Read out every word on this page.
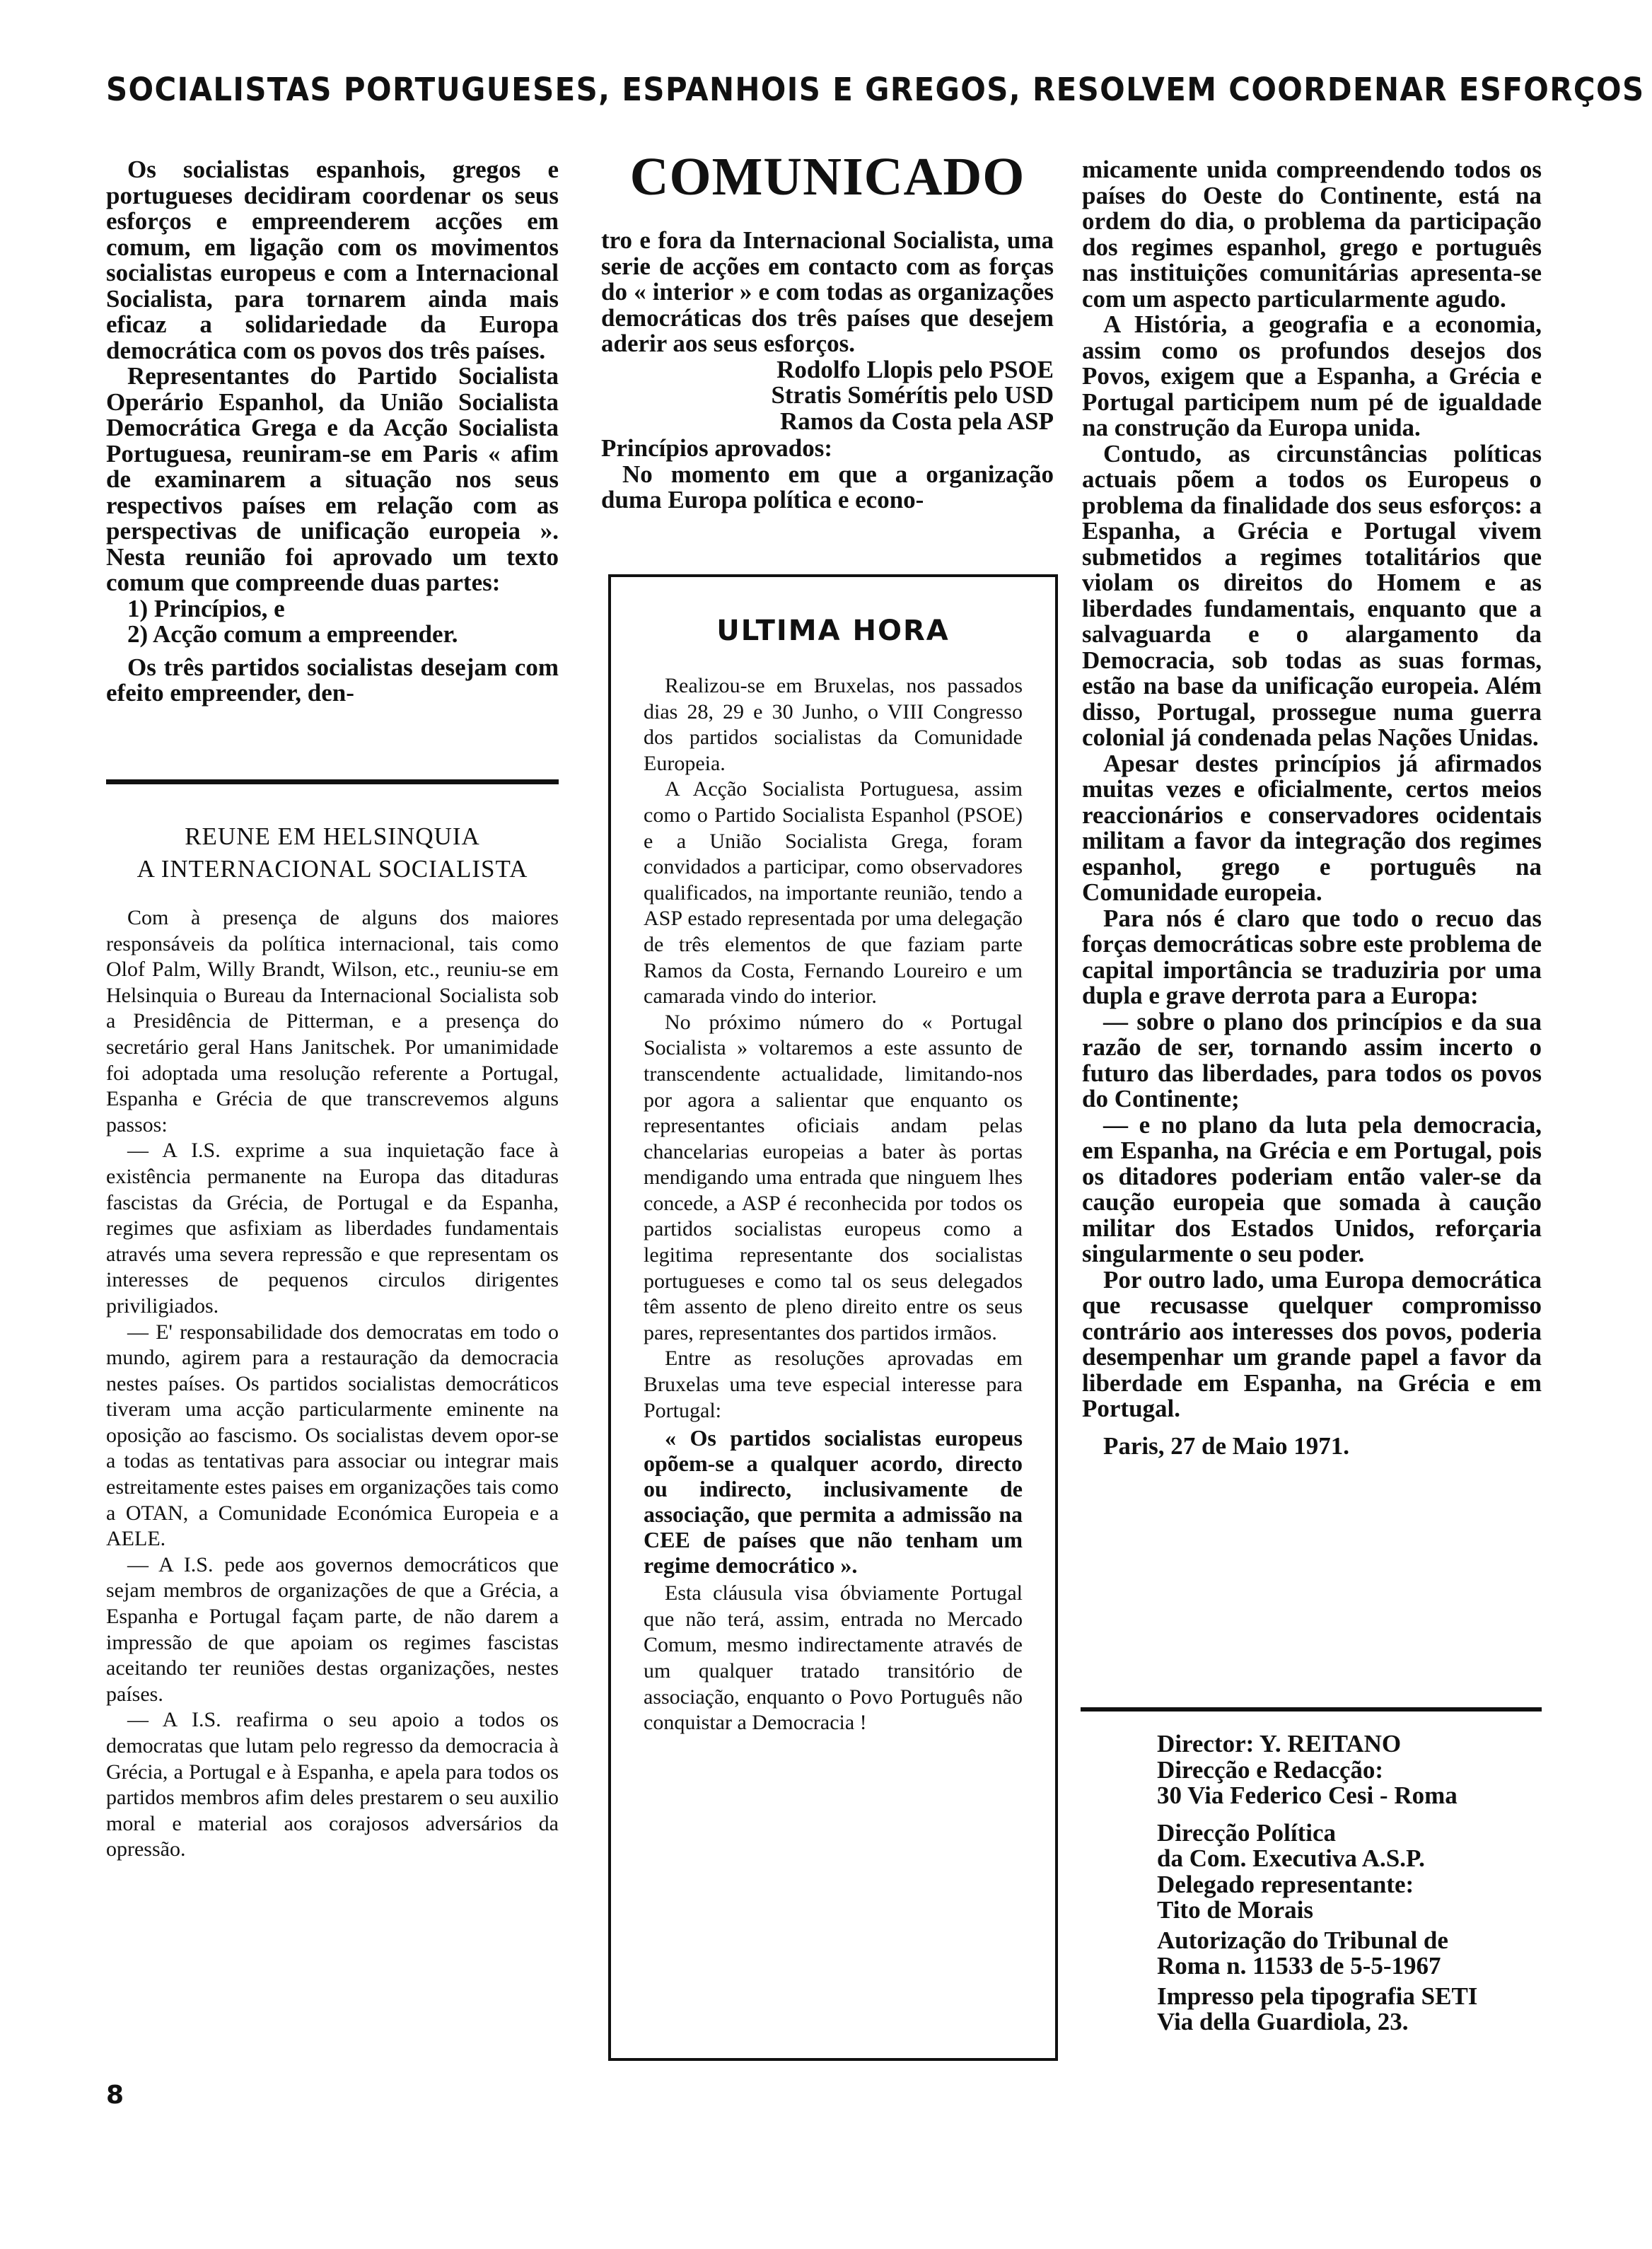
SOCIALISTAS PORTUGUESES, ESPANHOIS E GREGOS, RESOLVEM COORDENAR ESFORÇOS

Os socialistas espanhois, gregos e portugueses decidiram coordenar os seus esforços e empreenderem acções em comum, em ligação com os movimentos socialistas europeus e com a Internacional Socialista, para tornarem ainda mais eficaz a solidariedade da Europa democrática com os povos dos três países.

Representantes do Partido Socialista Operário Espanhol, da União Socialista Democrática Grega e da Acção Socialista Portuguesa, reuniram-se em Paris « afim de examinarem a situação nos seus respectivos países em relação com as perspectivas de unificação europeia ». Nesta reunião foi aprovado um texto comum que compreende duas partes:

1) Princípios, e
2) Acção comum a empreender.

Os três partidos socialistas desejam com efeito empreender, den-

REUNE EM HELSINQUIA
A INTERNACIONAL SOCIALISTA

Com à presença de alguns dos maiores responsáveis da política internacional, tais como Olof Palm, Willy Brandt, Wilson, etc., reuniu-se em Helsinquia o Bureau da Internacional Socialista sob a Presidência de Pitterman, e a presença do secretário geral Hans Janitschek. Por umanimidade foi adoptada uma resolução referente a Portugal, Espanha e Grécia de que transcrevemos alguns passos:

— A I.S. exprime a sua inquietação face à existência permanente na Europa das ditaduras fascistas da Grécia, de Portugal e da Espanha, regimes que asfixiam as liberdades fundamentais através uma severa repressão e que representam os interesses de pequenos circulos dirigentes priviligiados.

— E' responsabilidade dos democratas em todo o mundo, agirem para a restauração da democracia nestes países. Os partidos socialistas democráticos tiveram uma acção particularmente eminente na oposição ao fascismo. Os socialistas devem opor-se a todas as tentativas para associar ou integrar mais estreitamente estes paises em organizações tais como a OTAN, a Comunidade Económica Europeia e a AELE.

— A I.S. pede aos governos democráticos que sejam membros de organizações de que a Grécia, a Espanha e Portugal façam parte, de não darem a impressão de que apoiam os regimes fascistas aceitando ter reuniões destas organizações, nestes países.

— A I.S. reafirma o seu apoio a todos os democratas que lutam pelo regresso da democracia à Grécia, a Portugal e à Espanha, e apela para todos os partidos membros afim deles prestarem o seu auxilio moral e material aos corajosos adversários da opressão.

COMUNICADO

tro e fora da Internacional Socialista, uma serie de acções em contacto com as forças do « interior » e com todas as organizações democráticas dos três países que desejem aderir aos seus esforços.

Rodolfo Llopis pelo PSOE
Stratis Somérítis pelo USD
Ramos da Costa pela ASP
Princípios aprovados:

No momento em que a organização duma Europa política e econo-

ULTIMA HORA

Realizou-se em Bruxelas, nos passados dias 28, 29 e 30 Junho, o VIII Congresso dos partidos socialistas da Comunidade Europeia.

A Acção Socialista Portuguesa, assim como o Partido Socialista Espanhol (PSOE) e a União Socialista Grega, foram convidados a participar, como observadores qualificados, na importante reunião, tendo a ASP estado representada por uma delegação de três elementos de que faziam parte Ramos da Costa, Fernando Loureiro e um camarada vindo do interior.

No próximo número do « Portugal Socialista » voltaremos a este assunto de transcendente actualidade, limitando-nos por agora a salientar que enquanto os representantes oficiais andam pelas chancelarias europeias a bater às portas mendigando uma entrada que ninguem lhes concede, a ASP é reconhecida por todos os partidos socialistas europeus como a legitima representante dos socialistas portugueses e como tal os seus delegados têm assento de pleno direito entre os seus pares, representantes dos partidos irmãos.

Entre as resoluções aprovadas em Bruxelas uma teve especial interesse para Portugal:

« Os partidos socialistas europeus opõem-se a qualquer acordo, directo ou indirecto, inclusivamente de associação, que permita a admissão na CEE de países que não tenham um regime democrático ».

Esta cláusula visa óbviamente Portugal que não terá, assim, entrada no Mercado Comum, mesmo indirectamente através de um qualquer tratado transitório de associação, enquanto o Povo Português não conquistar a Democracia !

micamente unida compreendendo todos os países do Oeste do Continente, está na ordem do dia, o problema da participação dos regimes espanhol, grego e português nas instituições comunitárias apresenta-se com um aspecto particularmente agudo.

A História, a geografia e a economia, assim como os profundos desejos dos Povos, exigem que a Espanha, a Grécia e Portugal participem num pé de igualdade na construção da Europa unida.

Contudo, as circunstâncias políticas actuais põem a todos os Europeus o problema da finalidade dos seus esforços: a Espanha, a Grécia e Portugal vivem submetidos a regimes totalitários que violam os direitos do Homem e as liberdades fundamentais, enquanto que a salvaguarda e o alargamento da Democracia, sob todas as suas formas, estão na base da unificação europeia. Além disso, Portugal, prossegue numa guerra colonial já condenada pelas Nações Unidas.

Apesar destes princípios já afirmados muitas vezes e oficialmente, certos meios reaccionários e conservadores ocidentais militam a favor da integração dos regimes espanhol, grego e português na Comunidade europeia.

Para nós é claro que todo o recuo das forças democráticas sobre este problema de capital importância se traduziria por uma dupla e grave derrota para a Europa:

— sobre o plano dos princípios e da sua razão de ser, tornando assim incerto o futuro das liberdades, para todos os povos do Continente;

— e no plano da luta pela democracia, em Espanha, na Grécia e em Portugal, pois os ditadores poderiam então valer-se da caução europeia que somada à caução militar dos Estados Unidos, reforçaria singularmente o seu poder.

Por outro lado, uma Europa democrática que recusasse quelquer compromisso contrário aos interesses dos povos, poderia desempenhar um grande papel a favor da liberdade em Espanha, na Grécia e em Portugal.

Paris, 27 de Maio 1971.
Director: Y. REITANO
Direcção e Redacção:
30 Via Federico Cesi - Roma
Direcção Política
da Com. Executiva A.S.P.
Delegado representante:
Tito de Morais
Autorização do Tribunal de
Roma n. 11533 de 5-5-1967
Impresso pela tipografia SETI
Via della Guardiola, 23.
8
